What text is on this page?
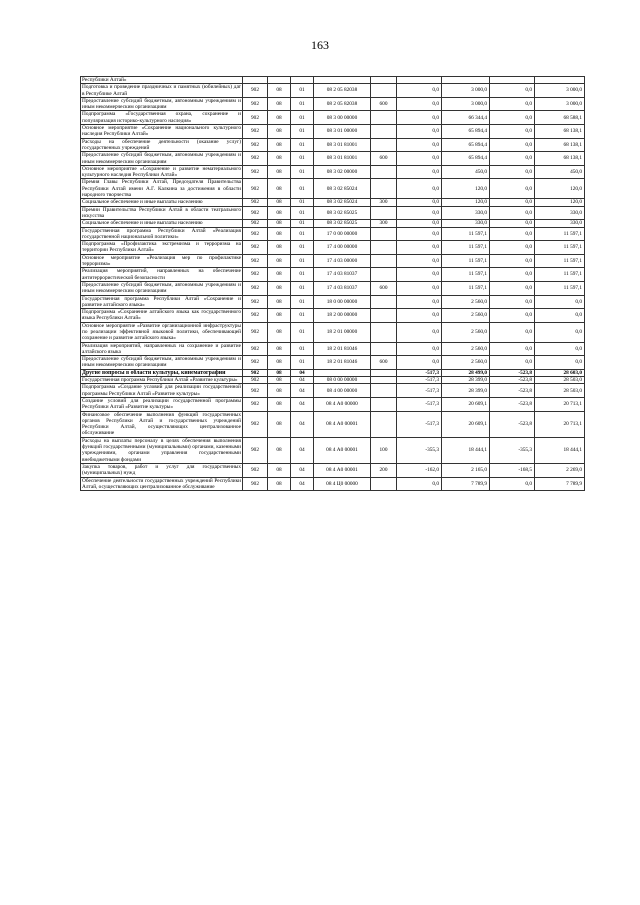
163
Республики Алтай»									
Подготовка и проведение праздничных и памятных (юбилейных) дат в Республике Алтай	902	08	01	08 2 05 82038		0,0	3 000,0	0,0	3 000,0
Предоставление субсидий бюджетным, автономным учреждениям и иным некоммерческим организациям	902	08	01	08 2 05 82038	600	0,0	3 000,0	0,0	3 000,0
Подпрограмма «Государственная охрана, сохранение и популяризация историко-культурного наследия»	902	08	01	08 3 00 00000		0,0	66 344,4	0,0	68 588,1
Основное мероприятие «Сохранение национального культурного наследия Республики Алтай»	902	08	01	08 3 01 00000		0,0	65 894,4	0,0	68 138,1
Расходы на обеспечение деятельности (оказание услуг) государственных учреждений	902	08	01	08 3 01 81001		0,0	65 894,4	0,0	68 138,1
Предоставление субсидий бюджетным, автономным учреждениям и иным некоммерческим организациям	902	08	01	08 3 01 81001	600	0,0	65 894,4	0,0	68 138,1
Основное мероприятие «Сохранение и развитие нематериального культурного наследия Республики Алтай»	902	08	01	08 3 02 00000		0,0	450,0	0,0	450,0
Премия Главы Республики Алтай, Председателя Правительства Республики Алтай имени А.Г. Калкина за достижения в области народного творчества	902	08	01	08 3 02 85024		0,0	120,0	0,0	120,0
Социальное обеспечение и иные выплаты населению	902	08	01	08 3 02 85024	300	0,0	120,0	0,0	120,0
Премии Правительства Республики Алтай в области театрального искусства	902	08	01	08 3 02 85025		0,0	330,0	0,0	330,0
Социальное обеспечение и иные выплаты населению	902	08	01	08 3 02 85025	300	0,0	330,0	0,0	330,0
Государственная программа Республики Алтай «Реализация государственной национальной политики»	902	08	01	17 0 00 00000		0,0	11 597,1	0,0	11 597,1
Подпрограмма «Профилактика экстремизма и терроризма на территории Республики Алтай»	902	08	01	17 4 00 00000		0,0	11 597,1	0,0	11 597,1
Основное мероприятие «Реализация мер по профилактике терроризма»	902	08	01	17 4 03 00000		0,0	11 597,1	0,0	11 597,1
Реализация мероприятий, направленных на обеспечение антитеррористической безопасности	902	08	01	17 4 03 81037		0,0	11 597,1	0,0	11 597,1
Предоставление субсидий бюджетным, автономным учреждениям и иным некоммерческим организациям	902	08	01	17 4 03 81037	600	0,0	11 597,1	0,0	11 597,1
Государственная программа Республики Алтай «Сохранение и развитие алтайского языка»	902	08	01	18 0 00 00000		0,0	2 560,0	0,0	0,0
Подпрограмма «Сохранение алтайского языка как государственного языка Республики Алтай»	902	08	01	18 2 00 00000		0,0	2 560,0	0,0	0,0
Основное мероприятие «Развитие организационной инфраструктуры по реализации эффективной языковой политики, обеспечивающей сохранение и развитие алтайского языка»	902	08	01	18 2 01 00000		0,0	2 560,0	0,0	0,0
Реализация мероприятий, направленных на сохранение и развитие алтайского языка	902	08	01	18 2 01 81046		0,0	2 560,0	0,0	0,0
Предоставление субсидий бюджетным, автономным учреждениям и иным некоммерческим организациям	902	08	01	18 2 01 81046	600	0,0	2 560,0	0,0	0,0
Другие вопросы в области культуры, кинематографии	902	08	04			-517,3	28 499,0	-523,8	28 603,0
Государственная программа Республики Алтай «Развитие культуры»	902	08	04	08 0 00 00000		-517,3	28 399,0	-523,8	28 503,0
Подпрограмма «Создание условий для реализации государственной программы Республики Алтай «Развитие культуры»	902	08	04	08 4 00 00000		-517,3	28 399,0	-523,8	28 503,0
Создание условий для реализации государственной программы Республики Алтай «Развитие культуры»	902	08	04	08 4 А0 00000		-517,3	20 609,1	-523,8	20 713,1
Финансовое обеспечение выполнения функций государственных органов Республики Алтай и государственных учреждений Республики Алтай, осуществляющих централизованное обслуживание	902	08	04	08 4 А0 00001		-517,3	20 609,1	-523,8	20 713,1
Расходы на выплаты персоналу в целях обеспечения выполнения функций государственными (муниципальными) органами, казенными учреждениями, органами управления государственными внебюджетными фондами	902	08	04	08 4 А0 00001	100	-355,3	18 444,1	-355,3	18 444,1
Закупка товаров, работ и услуг для государственных (муниципальных) нужд	902	08	04	08 4 А0 00001	200	-162,0	2 165,0	-168,5	2 269,0
Обеспечение деятельности государственных учреждений Республики Алтай, осуществляющих централизованное обслуживание	902	08	04	08 4 Ц0 00000		0,0	7 789,9	0,0	7 789,9
